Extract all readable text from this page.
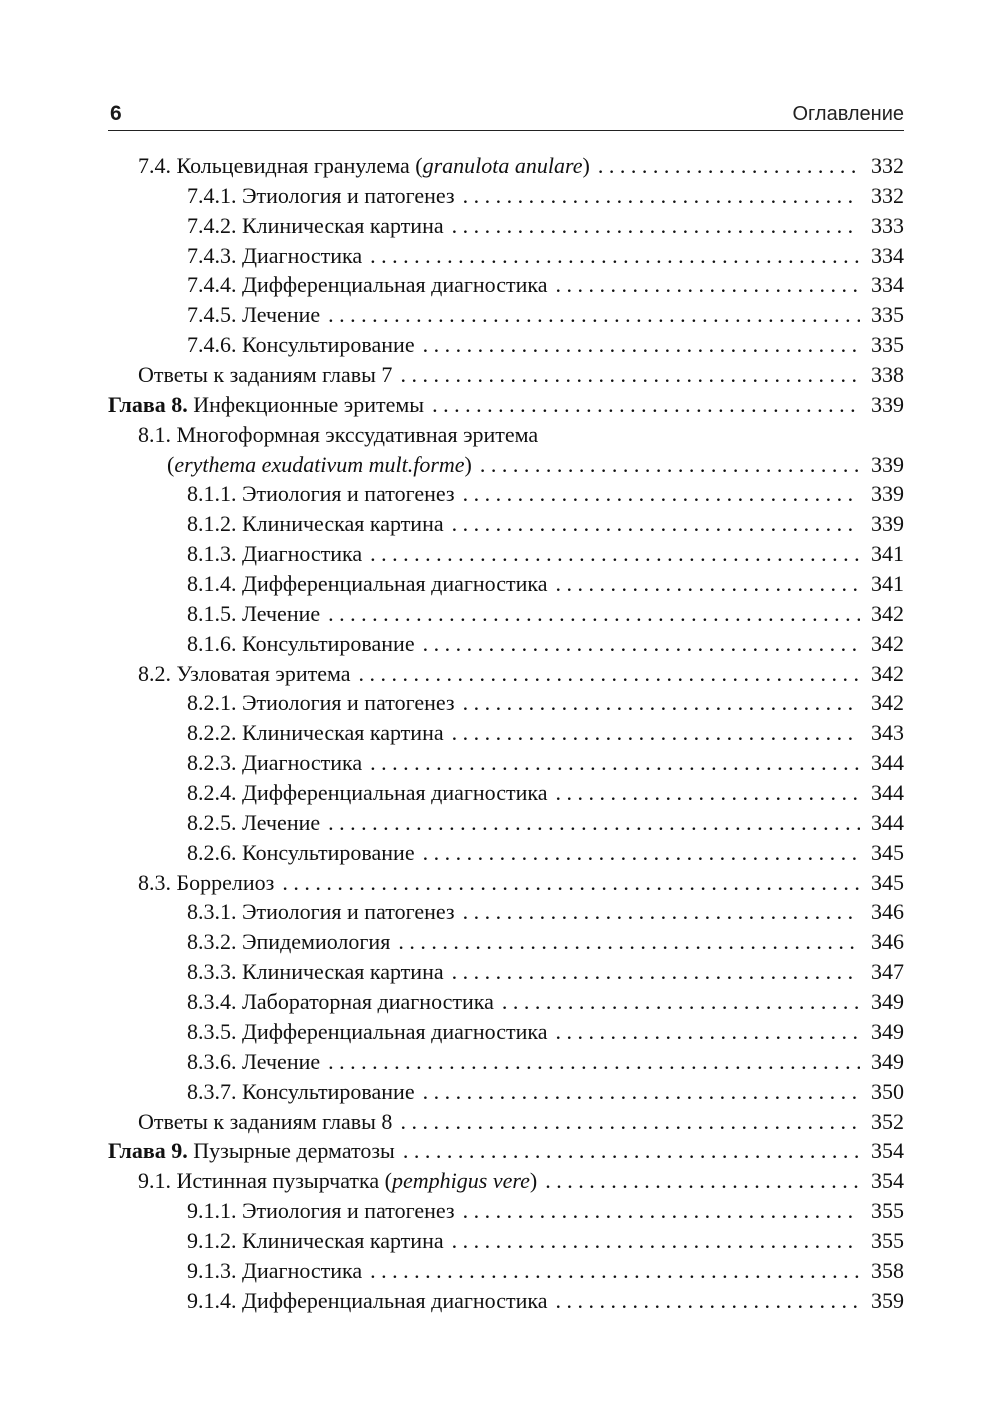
6	Оглавление
7.4. Кольцевидная гранулема (granulota anulare) . . .	332
7.4.1. Этиология и патогенез . . .	332
7.4.2. Клиническая картина . . .	333
7.4.3. Диагностика . . .	334
7.4.4. Дифференциальная диагностика . . .	334
7.4.5. Лечение . . .	335
7.4.6. Консультирование . . .	335
Ответы к заданиям главы 7 . . .	338
Глава 8. Инфекционные эритемы . . .	339
8.1. Многоформная экссудативная эритема
(erythema exudativum mult.forme) . . .	339
8.1.1. Этиология и патогенез . . .	339
8.1.2. Клиническая картина . . .	339
8.1.3. Диагностика . . .	341
8.1.4. Дифференциальная диагностика . . .	341
8.1.5. Лечение . . .	342
8.1.6. Консультирование . . .	342
8.2. Узловатая эритема . . .	342
8.2.1. Этиология и патогенез . . .	342
8.2.2. Клиническая картина . . .	343
8.2.3. Диагностика . . .	344
8.2.4. Дифференциальная диагностика . . .	344
8.2.5. Лечение . . .	344
8.2.6. Консультирование . . .	345
8.3. Боррелиоз . . .	345
8.3.1. Этиология и патогенез . . .	346
8.3.2. Эпидемиология . . .	346
8.3.3. Клиническая картина . . .	347
8.3.4. Лабораторная диагностика . . .	349
8.3.5. Дифференциальная диагностика . . .	349
8.3.6. Лечение . . .	349
8.3.7. Консультирование . . .	350
Ответы к заданиям главы 8 . . .	352
Глава 9. Пузырные дерматозы . . .	354
9.1. Истинная пузырчатка (pemphigus vere) . . .	354
9.1.1. Этиология и патогенез . . .	355
9.1.2. Клиническая картина . . .	355
9.1.3. Диагностика . . .	358
9.1.4. Дифференциальная диагностика . . .	359
